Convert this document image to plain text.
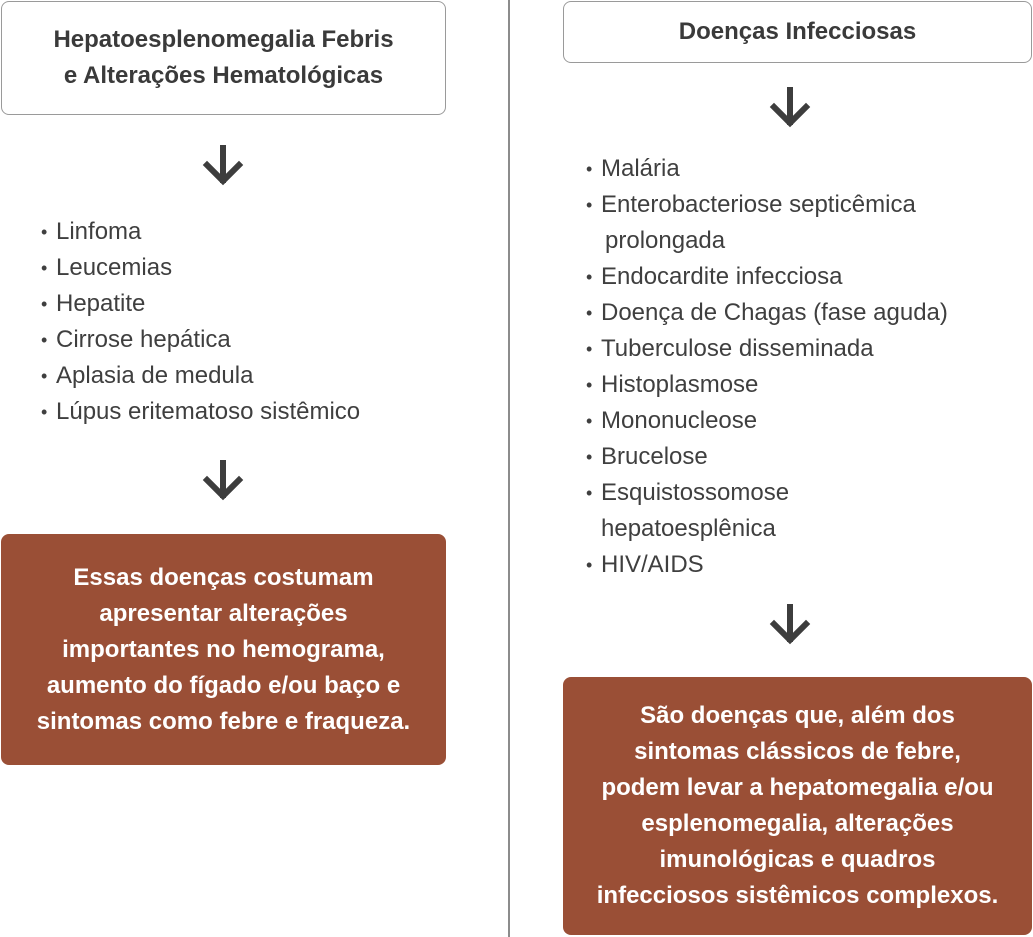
Hepatoesplenomegalia Febris
e Alterações Hematológicas
• Linfoma
• Leucemias
• Hepatite
• Cirrose hepática
• Aplasia de medula
• Lúpus eritematoso sistêmico
Essas doenças costumam
apresentar alterações
importantes no hemograma,
aumento do fígado e/ou baço e
sintomas como febre e fraqueza.
Doenças Infecciosas
• Malária
• Enterobacteriose septicêmica
prolongada
• Endocardite infecciosa
• Doença de Chagas (fase aguda)
• Tuberculose disseminada
• Histoplasmose
• Mononucleose
• Brucelose
• Esquistossomose
hepatoesplênica
• HIV/AIDS
São doenças que, além dos
sintomas clássicos de febre,
podem levar a hepatomegalia e/ou
esplenomegalia, alterações
imunológicas e quadros
infecciosos sistêmicos complexos.
